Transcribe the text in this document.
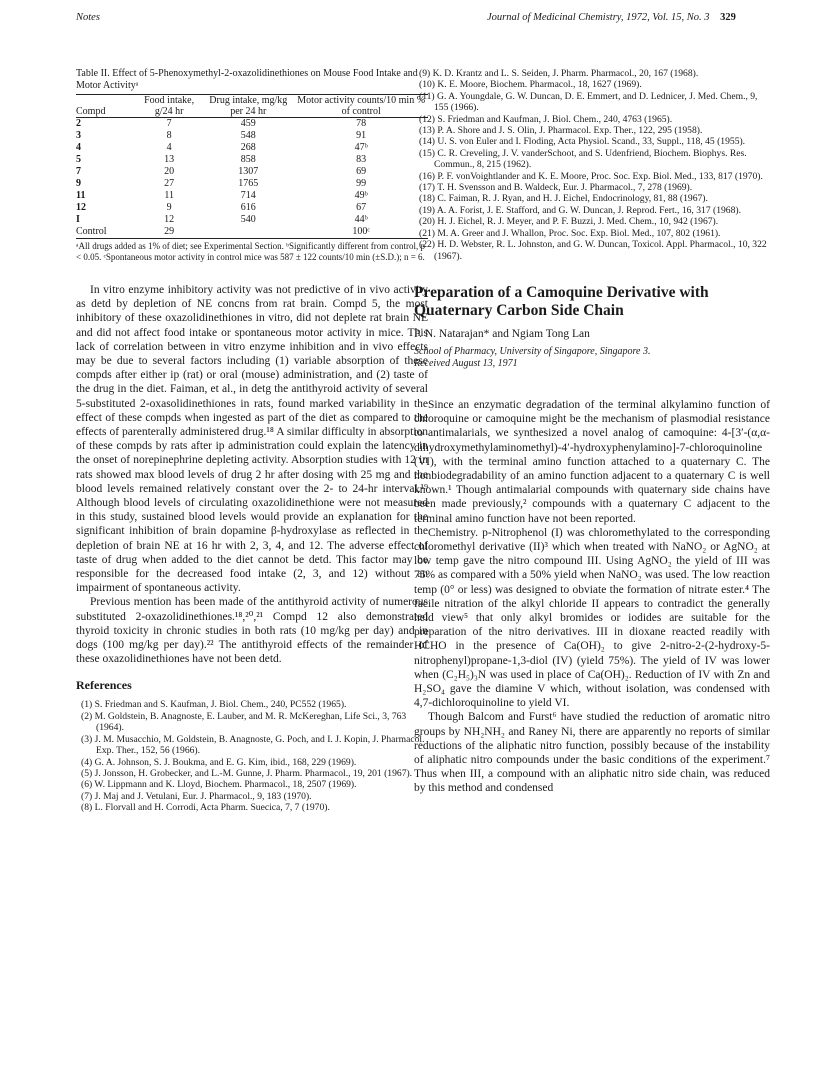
Notes	Journal of Medicinal Chemistry, 1972, Vol. 15, No. 3 329
Table II. Effect of 5-Phenoxymethyl-2-oxazolidinethiones on Mouse Food Intake and Motor Activityᵃ
Compd	Food intake, g/24 hr	Drug intake, mg/kg per 24 hr	Motor activity counts/10 min % of control
2	7	459	78
3	8	548	91
4	4	268	47ᵇ
5	13	858	83
7	20	1307	69
9	27	1765	99
11	11	714	49ᵇ
12	9	616	67
I	12	540	44ᵇ
Control	29		100ᶜ
ᵃAll drugs added as 1% of diet; see Experimental Section. ᵇSignificantly different from control, p < 0.05. ᶜSpontaneous motor activity in control mice was 587 ± 122 counts/10 min (±S.D.); n = 6.

In vitro enzyme inhibitory activity was not predictive of in vivo activity as detd by depletion of NE concns from rat brain. Compd 5, the most inhibitory of these oxazolidinethiones in vitro, did not deplete rat brain NE and did not affect food intake or spontaneous motor activity in mice. This lack of correlation between in vitro enzyme inhibition and in vivo effects may be due to several factors including (1) variable absorption of these compds after either ip (rat) or oral (mouse) administration, and (2) taste of the drug in the diet. Faiman, et al., in detg the antithyroid activity of several 5-substituted 2-oxasolidinethiones in rats, found marked variability in the effect of these compds when ingested as part of the diet as compared to the effects of parenterally administered drug.¹⁸ A similar difficulty in absorption of these compds by rats after ip administration could explain the latency in the onset of norepinephrine depleting activity. Absorption studies with 12 in rats showed max blood levels of drug 2 hr after dosing with 25 mg and the blood levels remained relatively constant over the 2- to 24-hr interval.¹⁹ Although blood levels of circulating oxazolidinethione were not measured in this study, sustained blood levels would provide an explanation for the significant inhibition of brain dopamine β-hydroxylase as reflected in the depletion of brain NE at 16 hr with 2, 3, 4, and 12. The adverse effect of taste of drug when added to the diet cannot be detd. This factor may be responsible for the decreased food intake (2, 3, and 12) without an impairment of spontaneous activity.

Previous mention has been made of the antithyroid activity of numerous substituted 2-oxazolidinethiones.¹⁸,²⁰,²¹ Compd 12 also demonstrated thyroid toxicity in chronic studies in both rats (10 mg/kg per day) and in dogs (100 mg/kg per day).²² The antithyroid effects of the remainder of these oxazolidinethiones have not been detd.

References

(1) S. Friedman and S. Kaufman, J. Biol. Chem., 240, PC552 (1965).

(2) M. Goldstein, B. Anagnoste, E. Lauber, and M. R. McKereghan, Life Sci., 3, 763 (1964).

(3) J. M. Musacchio, M. Goldstein, B. Anagnoste, G. Poch, and I. J. Kopin, J. Pharmacol. Exp. Ther., 152, 56 (1966).

(4) G. A. Johnson, S. J. Boukma, and E. G. Kim, ibid., 168, 229 (1969).

(5) J. Jonsson, H. Grobecker, and L.-M. Gunne, J. Pharm. Pharmacol., 19, 201 (1967).

(6) W. Lippmann and K. Lloyd, Biochem. Pharmacol., 18, 2507 (1969).

(7) J. Maj and J. Vetulani, Eur. J. Pharmacol., 9, 183 (1970).

(8) L. Florvall and H. Corrodi, Acta Pharm. Suecica, 7, 7 (1970).

(9) K. D. Krantz and L. S. Seiden, J. Pharm. Pharmacol., 20, 167 (1968).

(10) K. E. Moore, Biochem. Pharmacol., 18, 1627 (1969).

(11) G. A. Youngdale, G. W. Duncan, D. E. Emmert, and D. Lednicer, J. Med. Chem., 9, 155 (1966).

(12) S. Friedman and Kaufman, J. Biol. Chem., 240, 4763 (1965).

(13) P. A. Shore and J. S. Olin, J. Pharmacol. Exp. Ther., 122, 295 (1958).

(14) U. S. von Euler and I. Floding, Acta Physiol. Scand., 33, Suppl., 118, 45 (1955).

(15) C. R. Creveling, J. V. vanderSchoot, and S. Udenfriend, Biochem. Biophys. Res. Commun., 8, 215 (1962).

(16) P. F. vonVoightlander and K. E. Moore, Proc. Soc. Exp. Biol. Med., 133, 817 (1970).

(17) T. H. Svensson and B. Waldeck, Eur. J. Pharmacol., 7, 278 (1969).

(18) C. Faiman, R. J. Ryan, and H. J. Eichel, Endocrinology, 81, 88 (1967).

(19) A. A. Forist, J. E. Stafford, and G. W. Duncan, J. Reprod. Fert., 16, 317 (1968).

(20) H. J. Eichel, R. J. Meyer, and P. F. Buzzi, J. Med. Chem., 10, 942 (1967).

(21) M. A. Greer and J. Whallon, Proc. Soc. Exp. Biol. Med., 107, 802 (1961).

(22) H. D. Webster, R. L. Johnston, and G. W. Duncan, Toxicol. Appl. Pharmacol., 10, 322 (1967).

Preparation of a Camoquine Derivative with Quaternary Carbon Side Chain

P. N. Natarajan* and Ngiam Tong Lan

School of Pharmacy, University of Singapore, Singapore 3.
Received August 13, 1971

Since an enzymatic degradation of the terminal alkylamino function of chloroquine or camoquine might be the mechanism of plasmodial resistance to antimalarials, we synthesized a novel analog of camoquine: 4-[3′-(α,α-dihydroxymethylaminomethyl)-4′-hydroxyphenylamino]-7-chloroquinoline (VI), with the terminal amino function attached to a quaternary C. The nonbiodegradability of an amino function adjacent to a quaternary C is well known.¹ Though antimalarial compounds with quaternary side chains have been made previously,² compounds with a quaternary C adjacent to the terminal amino function have not been reported.

Chemistry. p-Nitrophenol (I) was chloromethylated to the corresponding chloromethyl derivative (II)³ which when treated with NaNO₂ or AgNO₂ at low temp gave the nitro compound III. Using AgNO₂ the yield of III was 75% as compared with a 50% yield when NaNO₂ was used. The low reaction temp (0° or less) was designed to obviate the formation of nitrate ester.⁴ The facile nitration of the alkyl chloride II appears to contradict the generally held view⁵ that only alkyl bromides or iodides are suitable for the preparation of the nitro derivatives. III in dioxane reacted readily with HCHO in the presence of Ca(OH)₂ to give 2-nitro-2-(2-hydroxy-5-nitrophenyl)propane-1,3-diol (IV) (yield 75%). The yield of IV was lower when (C₂H₅)₃N was used in place of Ca(OH)₂. Reduction of IV with Zn and H₂SO₄ gave the diamine V which, without isolation, was condensed with 4,7-dichloroquinoline to yield VI.

Though Balcom and Furst⁶ have studied the reduction of aromatic nitro groups by NH₂NH₂ and Raney Ni, there are apparently no reports of similar reductions of the aliphatic nitro function, possibly because of the instability of aliphatic nitro compounds under the basic conditions of the experiment.⁷ Thus when III, a compound with an aliphatic nitro side chain, was reduced by this method and condensed
